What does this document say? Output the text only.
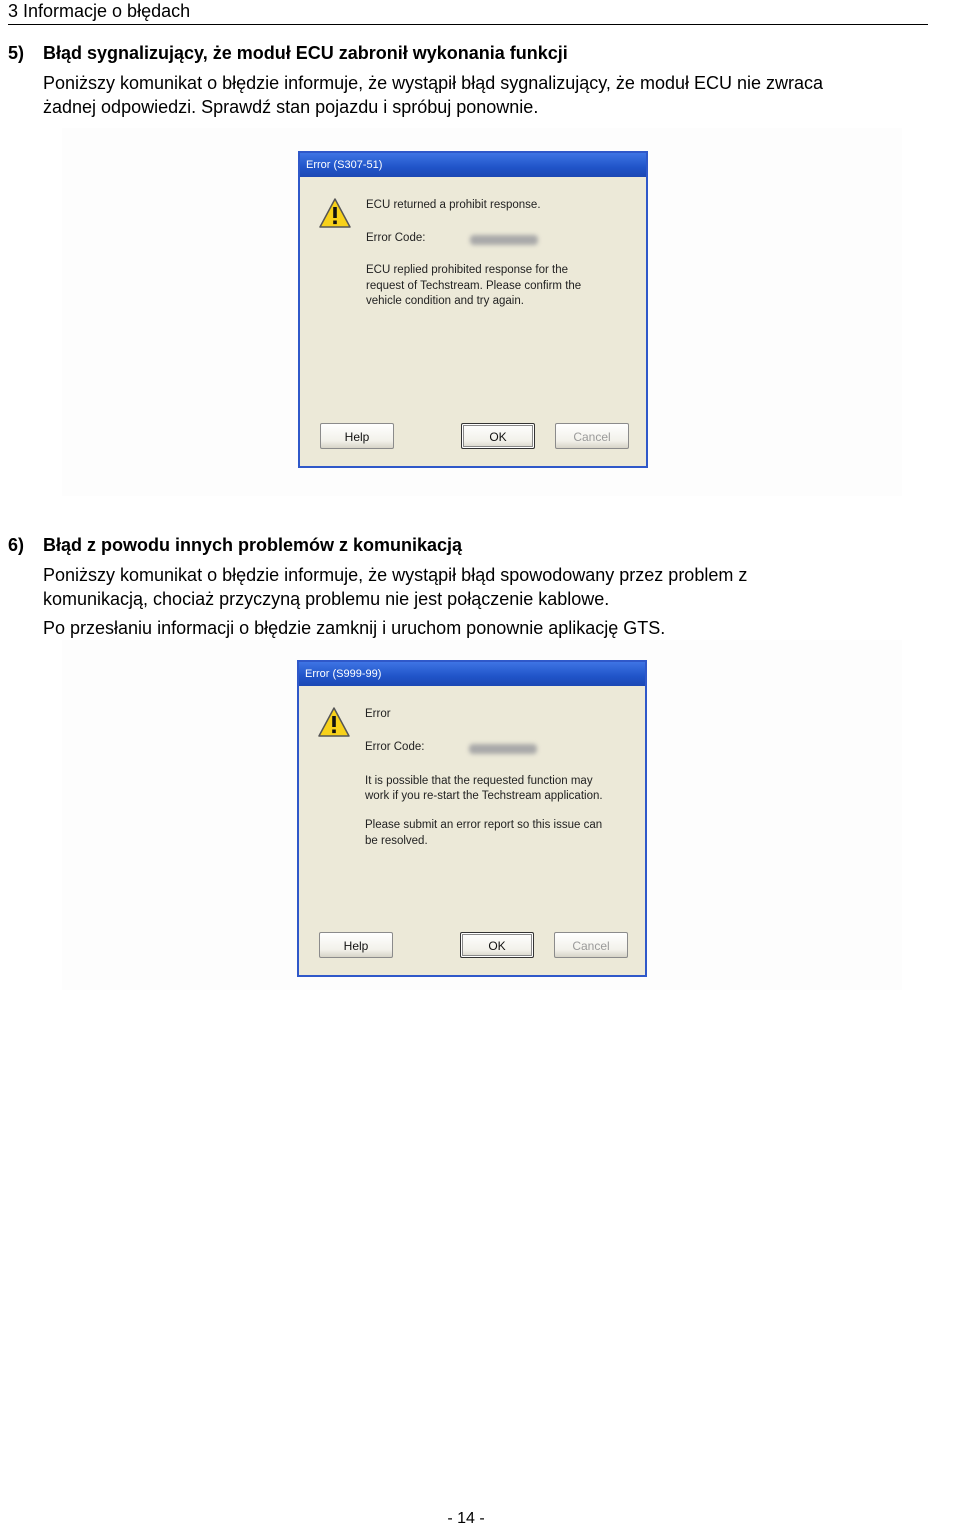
3 Informacje o błędach
5) Błąd sygnalizujący, że moduł ECU zabronił wykonania funkcji
Poniższy komunikat o błędzie informuje, że wystąpił błąd sygnalizujący, że moduł ECU nie zwraca
żadnej odpowiedzi. Sprawdź stan pojazdu i spróbuj ponownie.
Error (S307-51)
ECU returned a prohibit response.
Error Code:
ECU replied prohibited response for the
request of Techstream. Please confirm the
vehicle condition and try again.
Help	OK	Cancel
6) Błąd z powodu innych problemów z komunikacją
Poniższy komunikat o błędzie informuje, że wystąpił błąd spowodowany przez problem z
komunikacją, chociaż przyczyną problemu nie jest połączenie kablowe.
Po przesłaniu informacji o błędzie zamknij i uruchom ponownie aplikację GTS.
Error (S999-99)
Error
Error Code:
It is possible that the requested function may
work if you re-start the Techstream application.
Please submit an error report so this issue can
be resolved.
Help	OK	Cancel
- 14 -
